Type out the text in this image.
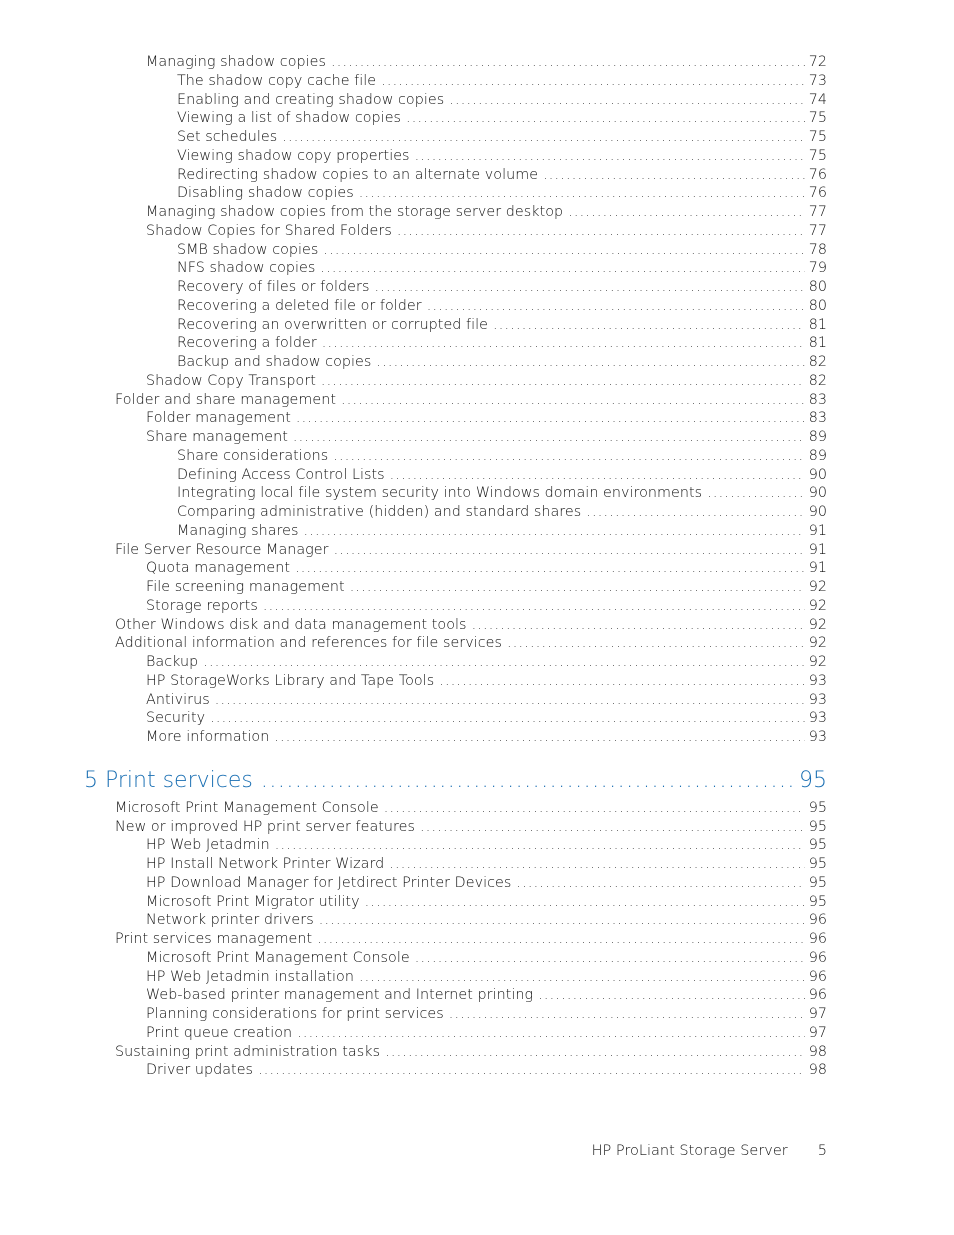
Managing shadow copies .....	72
The shadow copy cache file .....	73
Enabling and creating shadow copies .....	74
Viewing a list of shadow copies .....	75
Set schedules .....	75
Viewing shadow copy properties .....	75
Redirecting shadow copies to an alternate volume .....	76
Disabling shadow copies .....	76
Managing shadow copies from the storage server desktop .....	77
Shadow Copies for Shared Folders .....	77
SMB shadow copies .....	78
NFS shadow copies .....	79
Recovery of files or folders .....	80
Recovering a deleted file or folder .....	80
Recovering an overwritten or corrupted file .....	81
Recovering a folder .....	81
Backup and shadow copies .....	82
Shadow Copy Transport .....	82
Folder and share management .....	83
Folder management .....	83
Share management .....	89
Share considerations .....	89
Defining Access Control Lists .....	90
Integrating local file system security into Windows domain environments .....	90
Comparing administrative (hidden) and standard shares .....	90
Managing shares .....	91
File Server Resource Manager .....	91
Quota management .....	91
File screening management .....	92
Storage reports .....	92
Other Windows disk and data management tools .....	92
Additional information and references for file services .....	92
Backup .....	92
HP StorageWorks Library and Tape Tools .....	93
Antivirus .....	93
Security .....	93
More information .....	93
5 Print services .....	95
Microsoft Print Management Console .....	95
New or improved HP print server features .....	95
HP Web Jetadmin .....	95
HP Install Network Printer Wizard .....	95
HP Download Manager for Jetdirect Printer Devices .....	95
Microsoft Print Migrator utility .....	95
Network printer drivers .....	96
Print services management .....	96
Microsoft Print Management Console .....	96
HP Web Jetadmin installation .....	96
Web-based printer management and Internet printing .....	96
Planning considerations for print services .....	97
Print queue creation .....	97
Sustaining print administration tasks .....	98
Driver updates .....	98
HP ProLiant Storage Server 5
